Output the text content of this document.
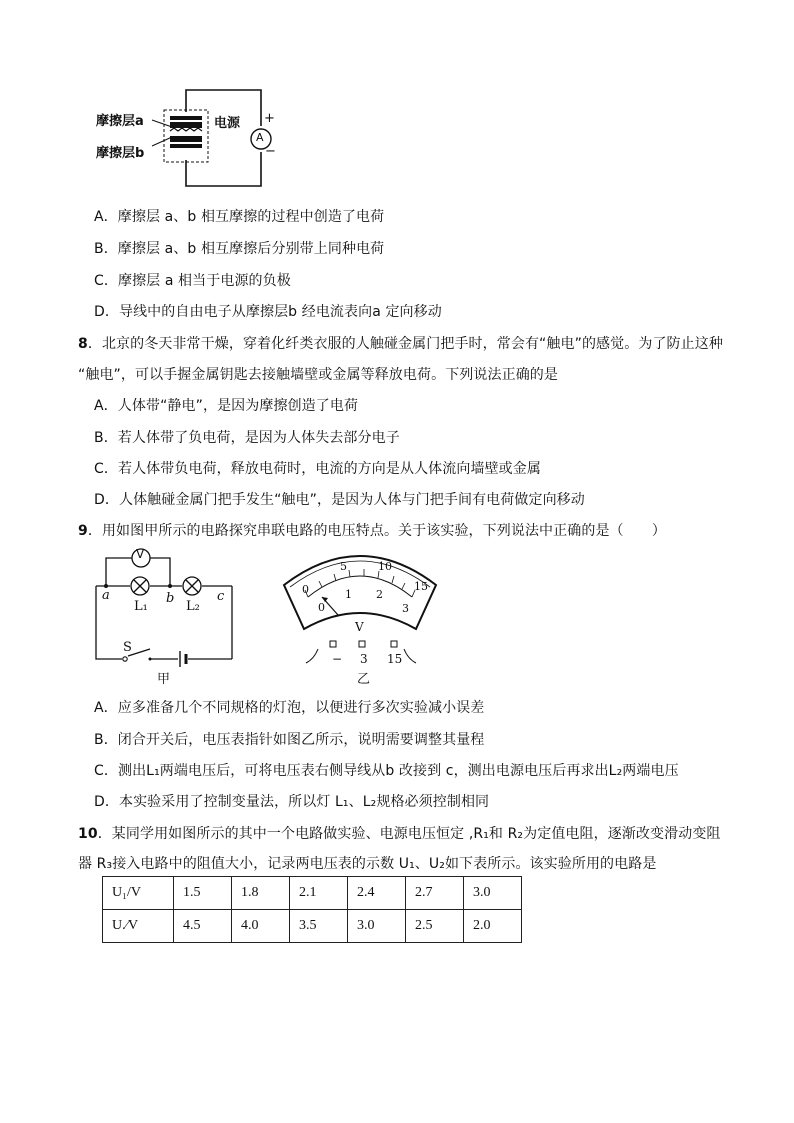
摩擦层a
摩擦层b
电源
A
+
−
A．摩擦层 a、b 相互摩擦的过程中创造了电荷
B．摩擦层 a、b 相互摩擦后分别带上同种电荷
C．摩擦层 a 相当于电源的负极
D．导线中的自由电子从摩擦层b 经电流表向a 定向移动
8．北京的冬天非常干燥，穿着化纤类衣服的人触碰金属门把手时，常会有“触电”的感觉。为了防止这种
“触电”，可以手握金属钥匙去接触墙壁或金属等释放电荷。下列说法正确的是
A．人体带“静电”，是因为摩擦创造了电荷
B．若人体带了负电荷，是因为人体失去部分电子
C．若人体带负电荷，释放电荷时，电流的方向是从人体流向墙壁或金属
D．人体触碰金属门把手发生“触电”，是因为人体与门把手间有电荷做定向移动
9．用如图甲所示的电路探究串联电路的电压特点。关于该实验，下列说法中正确的是（　　）
V
a	b	c
L₁	L₂
S
甲
0
5	10
15
0
1 2
3
V
− 3 15
乙
A．应多准备几个不同规格的灯泡，以便进行多次实验减小误差
B．闭合开关后，电压表指针如图乙所示，说明需要调整其量程
C．测出L₁两端电压后，可将电压表右侧导线从b 改接到 c，测出电源电压后再求出L₂两端电压
D．本实验采用了控制变量法，所以灯 L₁、L₂规格必须控制相同
10．某同学用如图所示的其中一个电路做实验、电源电压恒定 ,R₁和 R₂为定值电阻，逐渐改变滑动变阻
器 R₃接入电路中的阻值大小，记录两电压表的示数 U₁、U₂如下表所示。该实验所用的电路是
U₁/V	1.5	1.8	2.1	2.4	2.7	3.0
U.⁄V	4.5	4.0	3.5	3.0	2.5	2.0
